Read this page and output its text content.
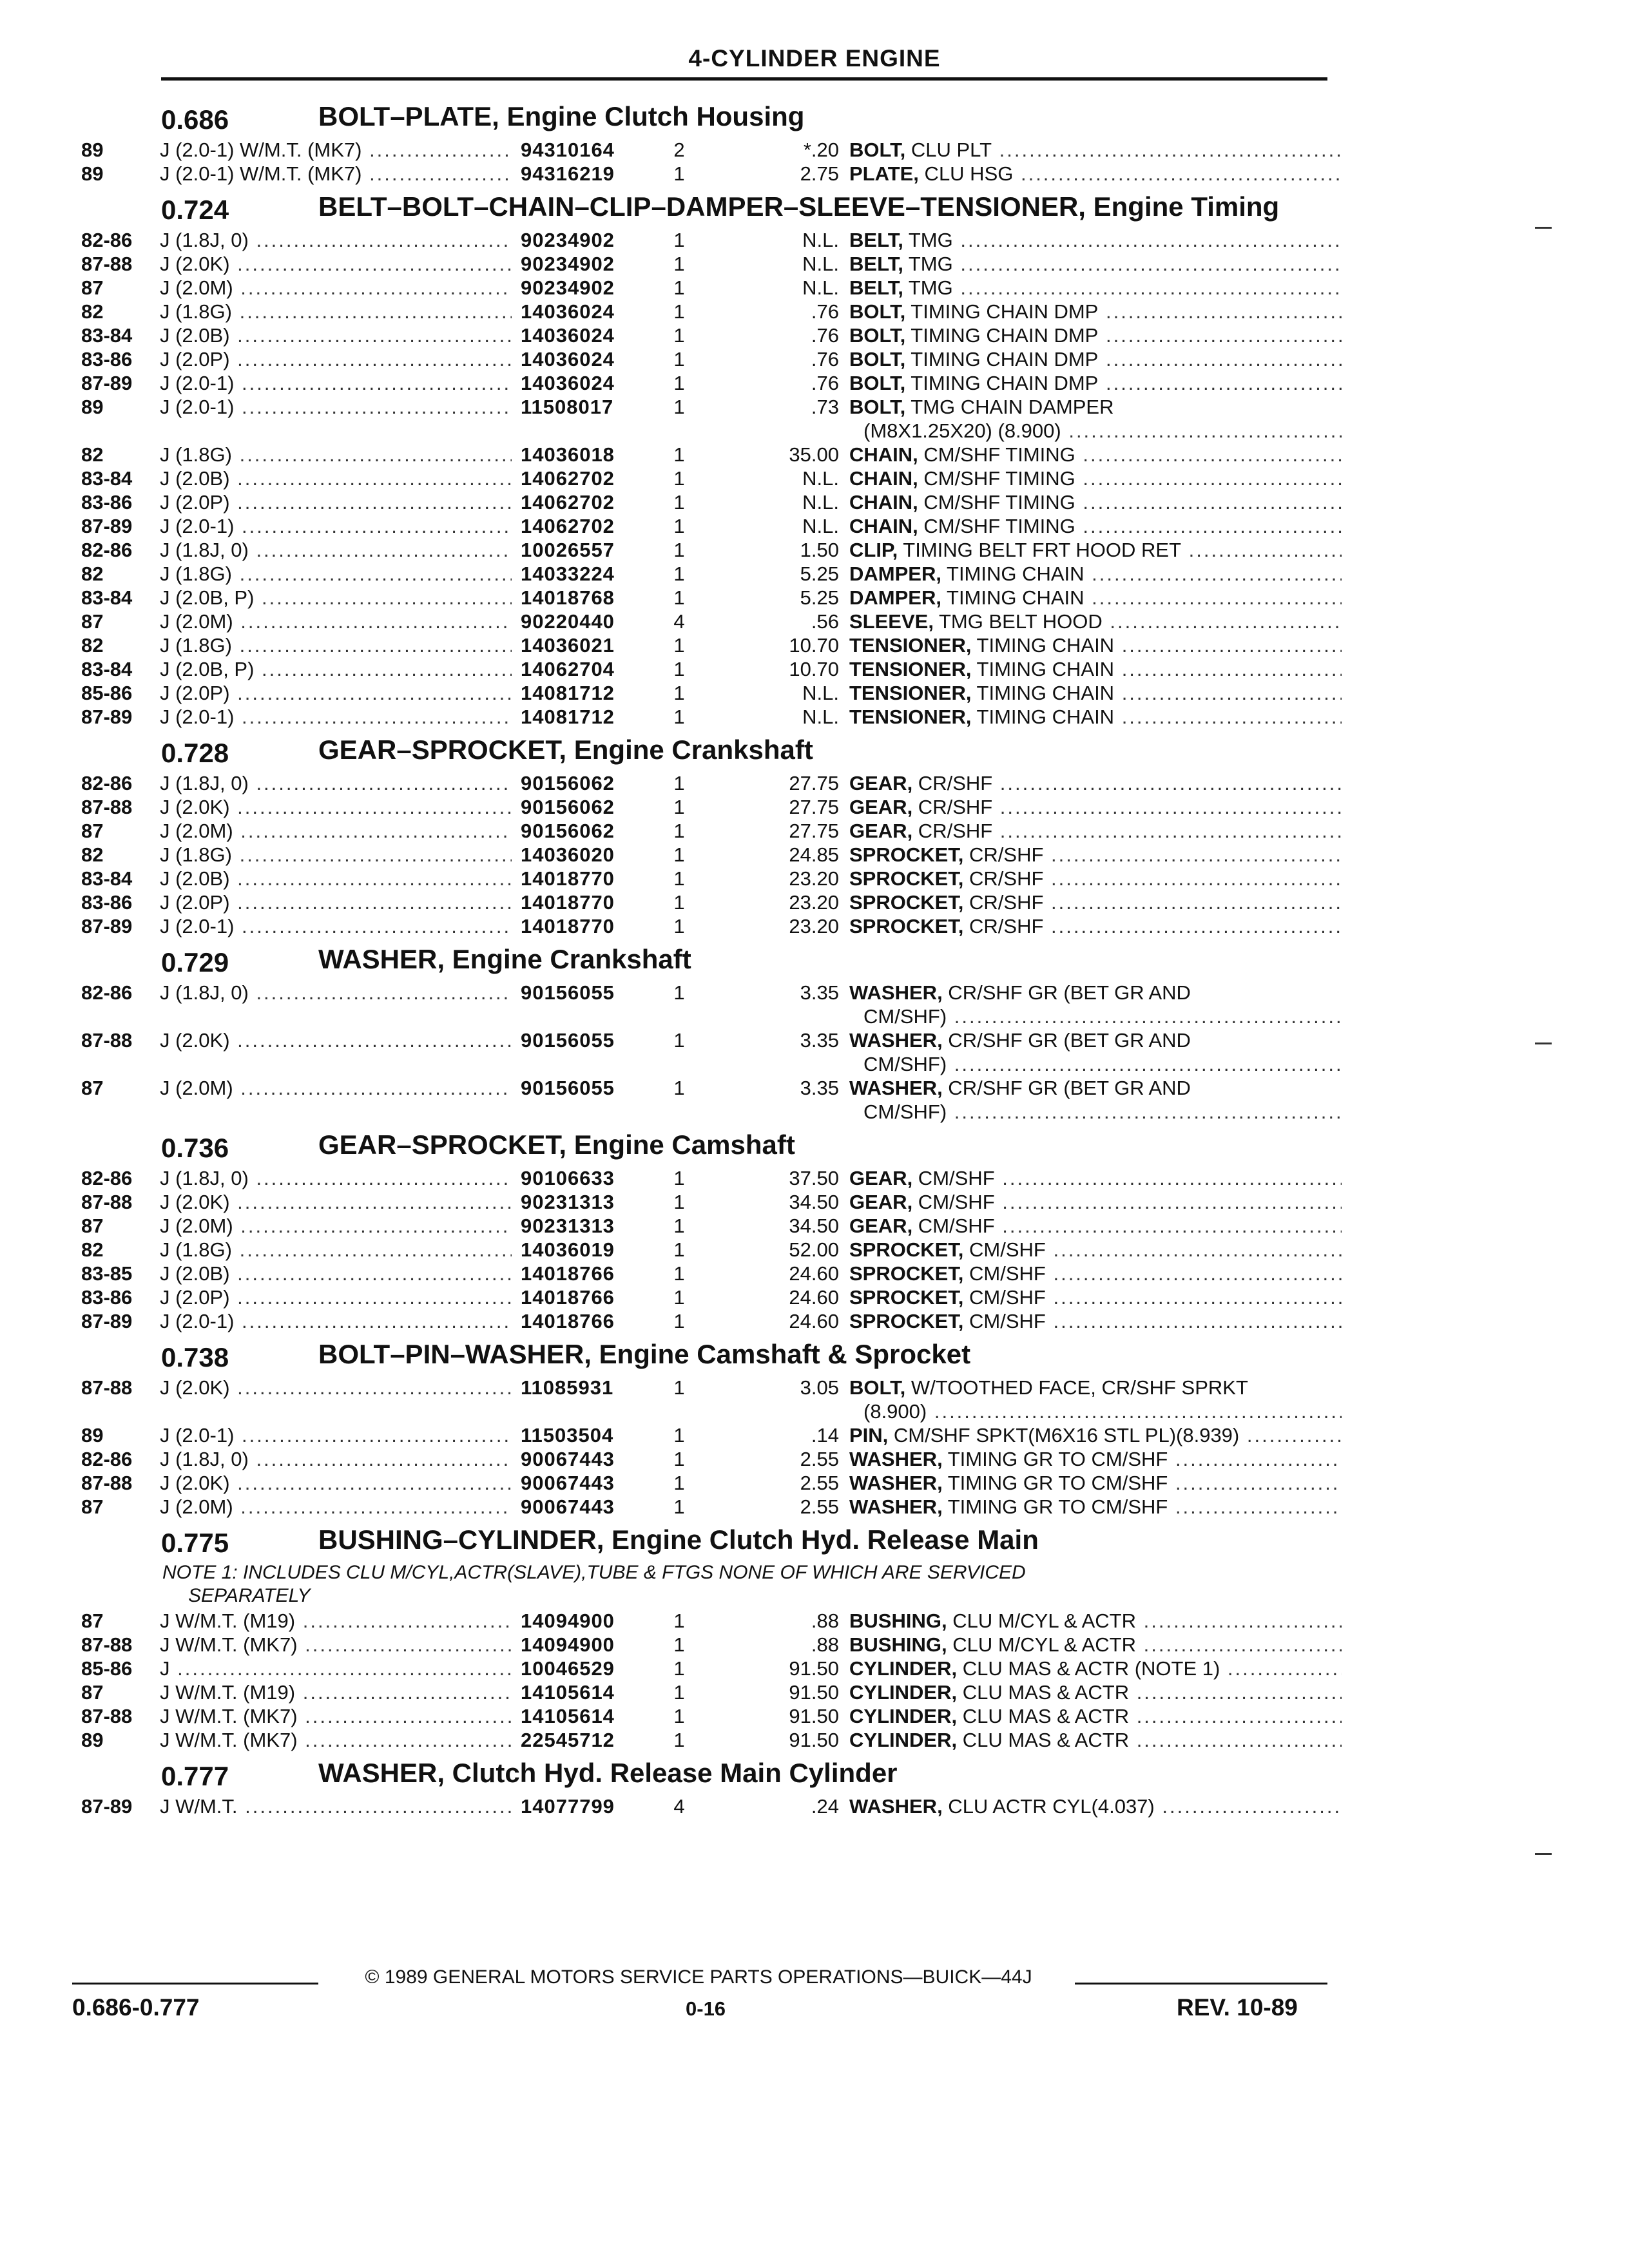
4-CYLINDER ENGINE
0.686	BOLT–PLATE, Engine Clutch Housing
89	J (2.0-1) W/M.T. (MK7) .....	94310164	2	*.20 BOLT, CLU PLT .....
89	J (2.0-1) W/M.T. (MK7) .....	94316219	1	2.75 PLATE, CLU HSG .....
0.724	BELT–BOLT–CHAIN–CLIP–DAMPER–SLEEVE–TENSIONER, Engine Timing
82-86 J (1.8J, 0) .....	90234902	1	N.L. BELT, TMG .....
87-88 J (2.0K) .....	90234902	1	N.L. BELT, TMG .....
87	J (2.0M) .....	90234902	1	N.L. BELT, TMG .....
82	J (1.8G) .....	14036024	1	.76 BOLT, TIMING CHAIN DMP .....
83-84 J (2.0B) .....	14036024	1	.76 BOLT, TIMING CHAIN DMP .....
83-86 J (2.0P) .....	14036024	1	.76 BOLT, TIMING CHAIN DMP .....
87-89 J (2.0-1) .....	14036024	1	.76 BOLT, TIMING CHAIN DMP .....
89	J (2.0-1) .....	11508017	1	.73 BOLT, TMG CHAIN DAMPER
(M8X1.25X20) (8.900) .....
82	J (1.8G) .....	14036018	1	35.00 CHAIN, CM/SHF TIMING .....
83-84 J (2.0B) .....	14062702	1	N.L. CHAIN, CM/SHF TIMING .....
83-86 J (2.0P) .....	14062702	1	N.L. CHAIN, CM/SHF TIMING .....
87-89 J (2.0-1) .....	14062702	1	N.L. CHAIN, CM/SHF TIMING .....
82-86 J (1.8J, 0) .....	10026557	1	1.50 CLIP, TIMING BELT FRT HOOD RET .....
82	J (1.8G) .....	14033224	1	5.25 DAMPER, TIMING CHAIN .....
83-84 J (2.0B, P) .....	14018768	1	5.25 DAMPER, TIMING CHAIN .....
87	J (2.0M) .....	90220440	4	.56 SLEEVE, TMG BELT HOOD .....
82	J (1.8G) .....	14036021	1	10.70 TENSIONER, TIMING CHAIN .....
83-84 J (2.0B, P) .....	14062704	1	10.70 TENSIONER, TIMING CHAIN .....
85-86 J (2.0P) .....	14081712	1	N.L. TENSIONER, TIMING CHAIN .....
87-89 J (2.0-1) .....	14081712	1	N.L. TENSIONER, TIMING CHAIN .....
0.728	GEAR–SPROCKET, Engine Crankshaft
82-86 J (1.8J, 0) .....	90156062	1	27.75 GEAR, CR/SHF .....
87-88 J (2.0K) .....	90156062	1	27.75 GEAR, CR/SHF .....
87	J (2.0M) .....	90156062	1	27.75 GEAR, CR/SHF .....
82	J (1.8G) .....	14036020	1	24.85 SPROCKET, CR/SHF .....
83-84 J (2.0B) .....	14018770	1	23.20 SPROCKET, CR/SHF .....
83-86 J (2.0P) .....	14018770	1	23.20 SPROCKET, CR/SHF .....
87-89 J (2.0-1) .....	14018770	1	23.20 SPROCKET, CR/SHF .....
0.729	WASHER, Engine Crankshaft
82-86 J (1.8J, 0) .....	90156055	1	3.35 WASHER, CR/SHF GR (BET GR AND
CM/SHF) .....
87-88 J (2.0K) .....	90156055	1	3.35 WASHER, CR/SHF GR (BET GR AND
CM/SHF) .....
87	J (2.0M) .....	90156055	1	3.35 WASHER, CR/SHF GR (BET GR AND
CM/SHF) .....
0.736	GEAR–SPROCKET, Engine Camshaft
82-86 J (1.8J, 0) .....	90106633	1	37.50 GEAR, CM/SHF .....
87-88 J (2.0K) .....	90231313	1	34.50 GEAR, CM/SHF .....
87	J (2.0M) .....	90231313	1	34.50 GEAR, CM/SHF .....
82	J (1.8G) .....	14036019	1	52.00 SPROCKET, CM/SHF .....
83-85 J (2.0B) .....	14018766	1	24.60 SPROCKET, CM/SHF .....
83-86 J (2.0P) .....	14018766	1	24.60 SPROCKET, CM/SHF .....
87-89 J (2.0-1) .....	14018766	1	24.60 SPROCKET, CM/SHF .....
0.738	BOLT–PIN–WASHER, Engine Camshaft & Sprocket
87-88 J (2.0K) .....	11085931	1	3.05 BOLT, W/TOOTHED FACE, CR/SHF SPRKT
(8.900) .....
89	J (2.0-1) .....	11503504	1	.14 PIN, CM/SHF SPKT(M6X16 STL PL)(8.939) .....
82-86 J (1.8J, 0) .....	90067443	1	2.55 WASHER, TIMING GR TO CM/SHF .....
87-88 J (2.0K) .....	90067443	1	2.55 WASHER, TIMING GR TO CM/SHF .....
87	J (2.0M) .....	90067443	1	2.55 WASHER, TIMING GR TO CM/SHF .....
0.775	BUSHING–CYLINDER, Engine Clutch Hyd. Release Main
NOTE 1: INCLUDES CLU M/CYL,ACTR(SLAVE),TUBE & FTGS NONE OF WHICH ARE SERVICED
SEPARATELY
87	J W/M.T. (M19) .....	14094900	1	.88 BUSHING, CLU M/CYL & ACTR .....
87-88 J W/M.T. (MK7) .....	14094900	1	.88 BUSHING, CLU M/CYL & ACTR .....
85-86 J .....	10046529	1	91.50 CYLINDER, CLU MAS & ACTR (NOTE 1) .....
87	J W/M.T. (M19) .....	14105614	1	91.50 CYLINDER, CLU MAS & ACTR .....
87-88 J W/M.T. (MK7) .....	14105614	1	91.50 CYLINDER, CLU MAS & ACTR .....
89	J W/M.T. (MK7) .....	22545712	1	91.50 CYLINDER, CLU MAS & ACTR .....
0.777	WASHER, Clutch Hyd. Release Main Cylinder
87-89 J W/M.T. .....	14077799	4	.24 WASHER, CLU ACTR CYL(4.037) .....
© 1989 GENERAL MOTORS SERVICE PARTS OPERATIONS—BUICK—44J
0.686-0.777	0-16	REV. 10-89
